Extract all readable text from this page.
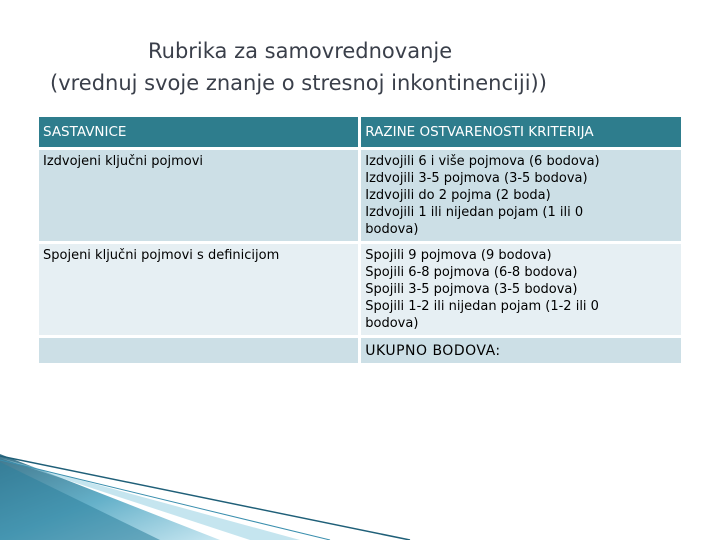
Rubrika za samovrednovanje
(vrednuj svoje znanje o stresnoj inkontinenciji))
SASTAVNICE	RAZINE OSTVARENOSTI KRITERIJA
Izdvojeni ključni pojmovi	Izdvojili 6 i više pojmova (6 bodova)
Izdvojili 3-5 pojmova (3-5 bodova)
Izdvojili do 2 pojma (2 boda)
Izdvojili 1 ili nijedan pojam (1 ili 0
bodova)

Spojeni ključni pojmovi s definicijom	Spojili 9 pojmova (9 bodova)
Spojili 6-8 pojmova (6-8 bodova)
Spojili 3-5 pojmova (3-5 bodova)
Spojili 1-2 ili nijedan pojam (1-2 ili 0
bodova)

	UKUPNO BODOVA:
